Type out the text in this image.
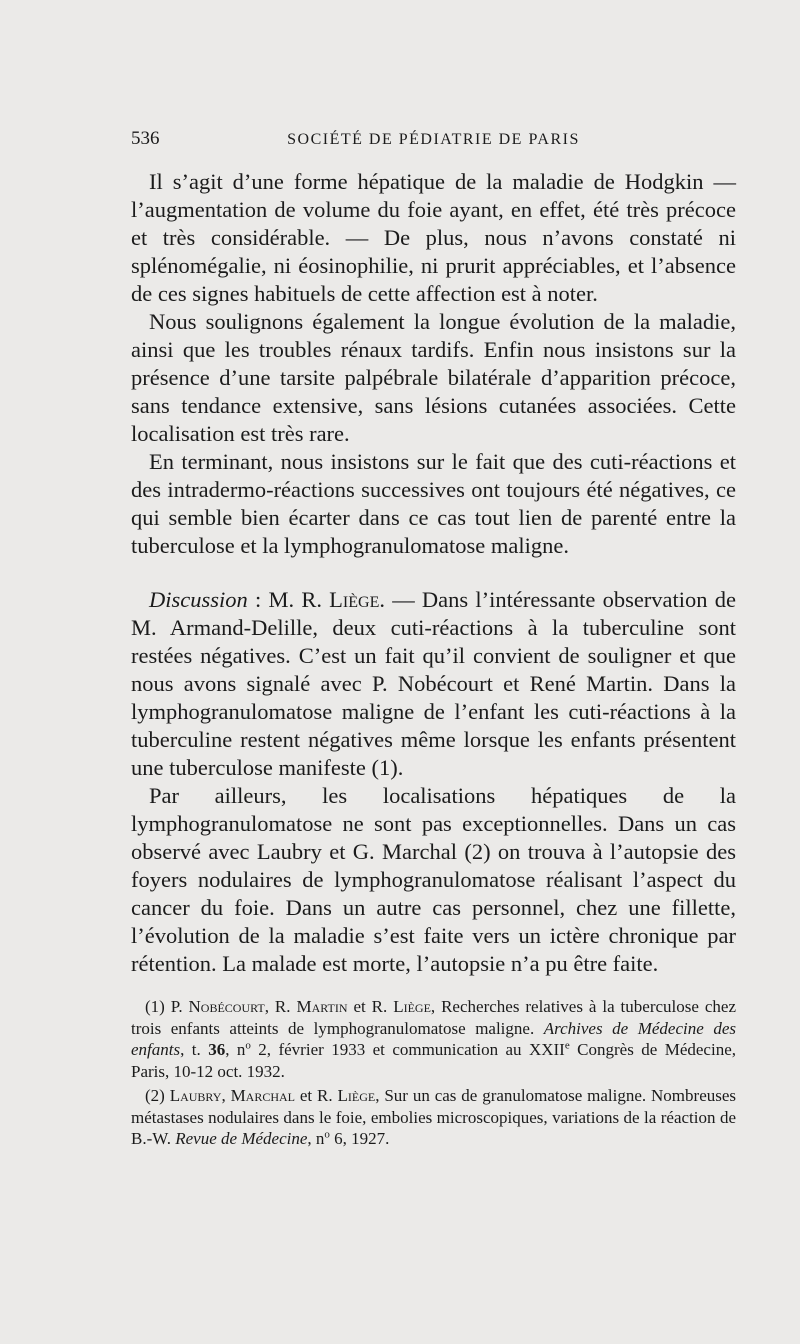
536	SOCIÉTÉ DE PÉDIATRIE DE PARIS

Il s’agit d’une forme hépatique de la maladie de Hodgkin — l’augmentation de volume du foie ayant, en effet, été très précoce et très considérable. — De plus, nous n’avons constaté ni splénomégalie, ni éosinophilie, ni prurit appréciables, et l’absence de ces signes habituels de cette affection est à noter.

Nous soulignons également la longue évolution de la maladie, ainsi que les troubles rénaux tardifs. Enfin nous insistons sur la présence d’une tarsite palpébrale bilatérale d’apparition précoce, sans tendance extensive, sans lésions cutanées associées. Cette localisation est très rare.

En terminant, nous insistons sur le fait que des cuti-réactions et des intradermo-réactions successives ont toujours été négatives, ce qui semble bien écarter dans ce cas tout lien de parenté entre la tuberculose et la lymphogranulomatose maligne.

Discussion : M. R. Liège. — Dans l’intéressante observation de M. Armand-Delille, deux cuti-réactions à la tuberculine sont restées négatives. C’est un fait qu’il convient de souligner et que nous avons signalé avec P. Nobécourt et René Martin. Dans la lymphogranulomatose maligne de l’enfant les cuti-réactions à la tuberculine restent négatives même lorsque les enfants présentent une tuberculose manifeste (1).

Par ailleurs, les localisations hépatiques de la lymphogranulomatose ne sont pas exceptionnelles. Dans un cas observé avec Laubry et G. Marchal (2) on trouva à l’autopsie des foyers nodulaires de lymphogranulomatose réalisant l’aspect du cancer du foie. Dans un autre cas personnel, chez une fillette, l’évolution de la maladie s’est faite vers un ictère chronique par rétention. La malade est morte, l’autopsie n’a pu être faite.

(1) P. Nobécourt, R. Martin et R. Liège, Recherches relatives à la tuberculose chez trois enfants atteints de lymphogranulomatose maligne. Archives de Médecine des enfants, t. 36, $n^o$ 2, février 1933 et communication au XXIIe Congrès de Médecine, Paris, 10-12 oct. 1932.

(2) Laubry, Marchal et R. Liège, Sur un cas de granulomatose maligne. Nombreuses métastases nodulaires dans le foie, embolies microscopiques, variations de la réaction de B.-W. Revue de Médecine, $n^o$ 6, 1927.
